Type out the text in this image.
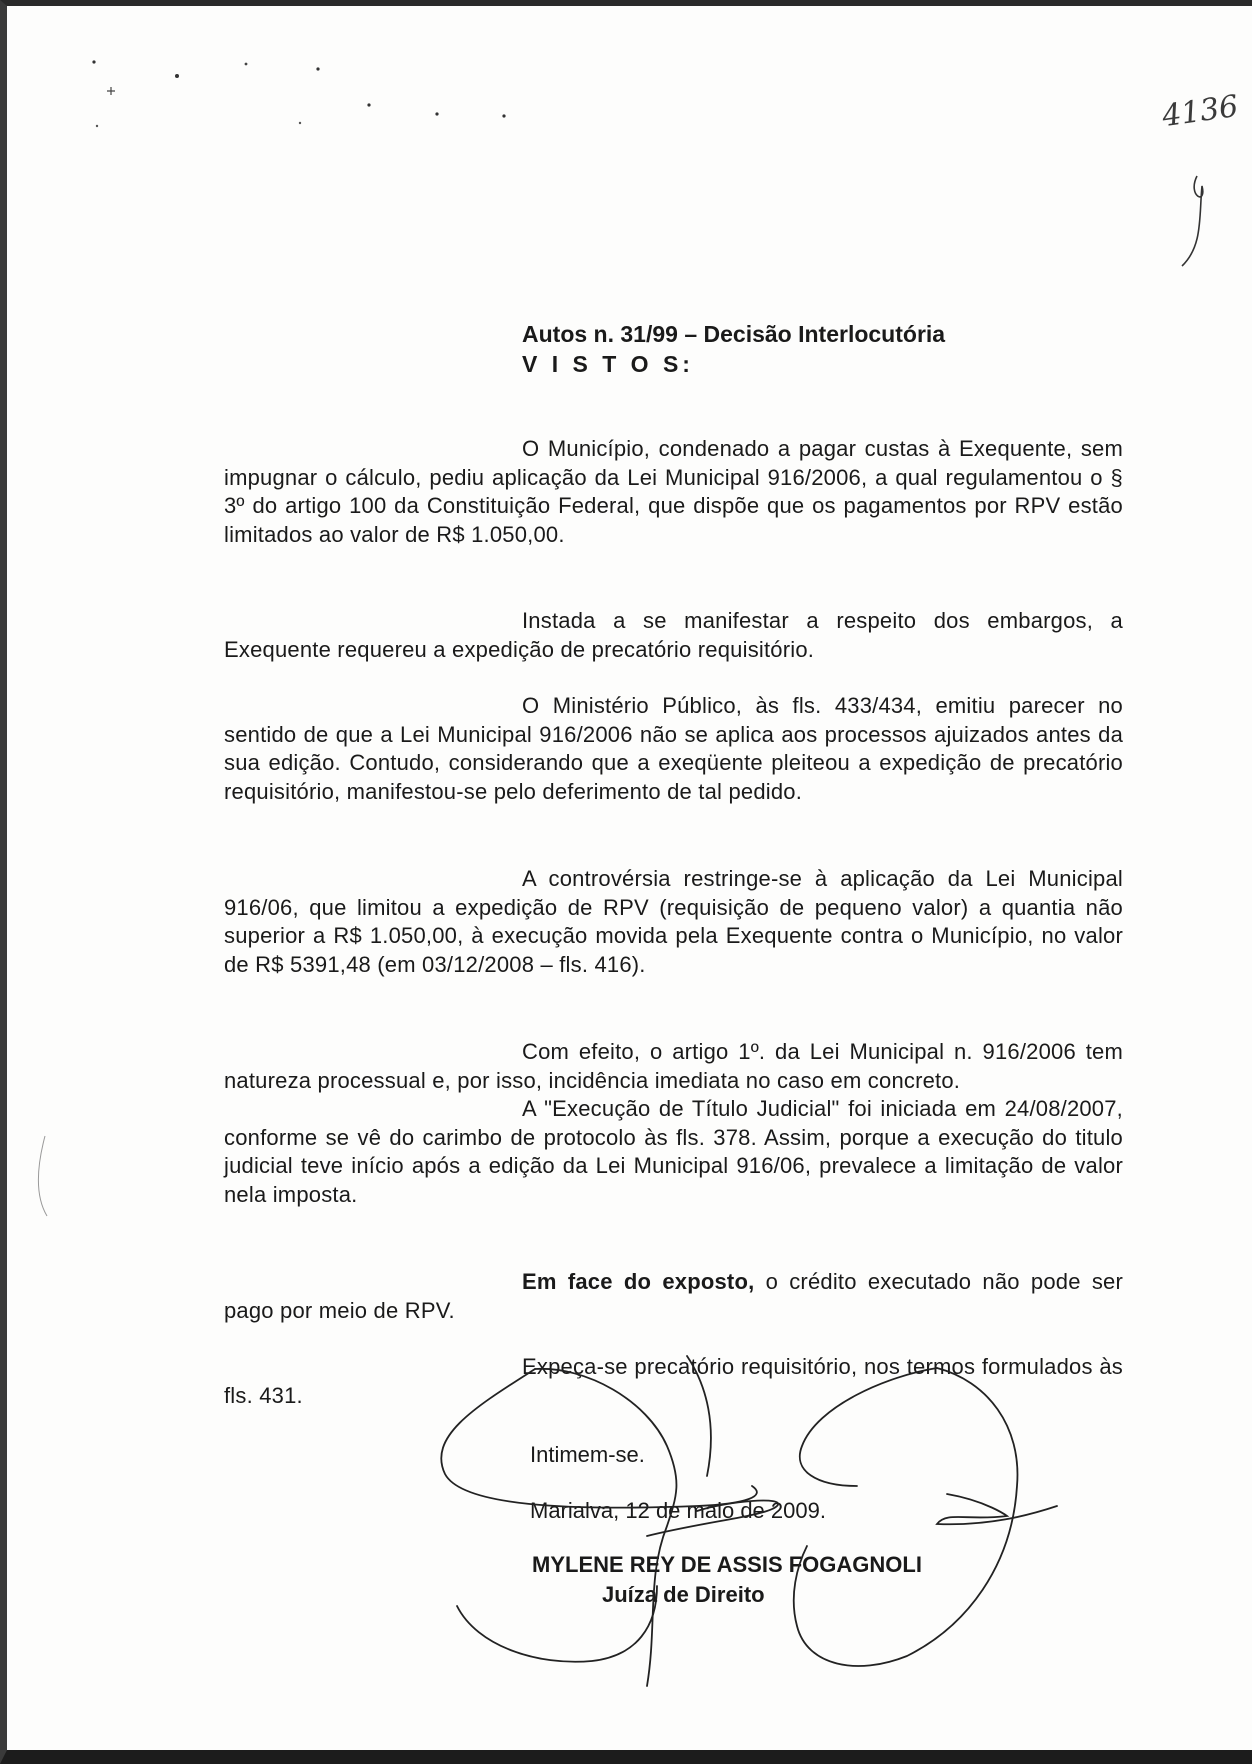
4136
Autos n. 31/99 – Decisão Interlocutória
V I S T O S:
O Município, condenado a pagar custas à Exequente, sem impugnar o cálculo, pediu aplicação da Lei Municipal 916/2006, a qual regulamentou o § 3º do artigo 100 da Constituição Federal, que dispõe que os pagamentos por RPV estão limitados ao valor de R$ 1.050,00.
Instada a se manifestar a respeito dos embargos, a Exequente requereu a expedição de precatório requisitório.
O Ministério Público, às fls. 433/434, emitiu parecer no sentido de que a Lei Municipal 916/2006 não se aplica aos processos ajuizados antes da sua edição. Contudo, considerando que a exeqüente pleiteou a expedição de precatório requisitório, manifestou-se pelo deferimento de tal pedido.
A controvérsia restringe-se à aplicação da Lei Municipal 916/06, que limitou a expedição de RPV (requisição de pequeno valor) a quantia não superior a R$ 1.050,00, à execução movida pela Exequente contra o Município, no valor de R$ 5391,48 (em 03/12/2008 – fls. 416).
Com efeito, o artigo 1º. da Lei Municipal n. 916/2006 tem natureza processual e, por isso, incidência imediata no caso em concreto.
A "Execução de Título Judicial" foi iniciada em 24/08/2007, conforme se vê do carimbo de protocolo às fls. 378. Assim, porque a execução do titulo judicial teve início após a edição da Lei Municipal 916/06, prevalece a limitação de valor nela imposta.
Em face do exposto, o crédito executado não pode ser pago por meio de RPV.
Expeça-se precatório requisitório, nos termos formulados às fls. 431.
Intimem-se.
Marialva, 12 de maio de 2009.
MYLENE REY DE ASSIS FOGAGNOLI
Juíza de Direito
